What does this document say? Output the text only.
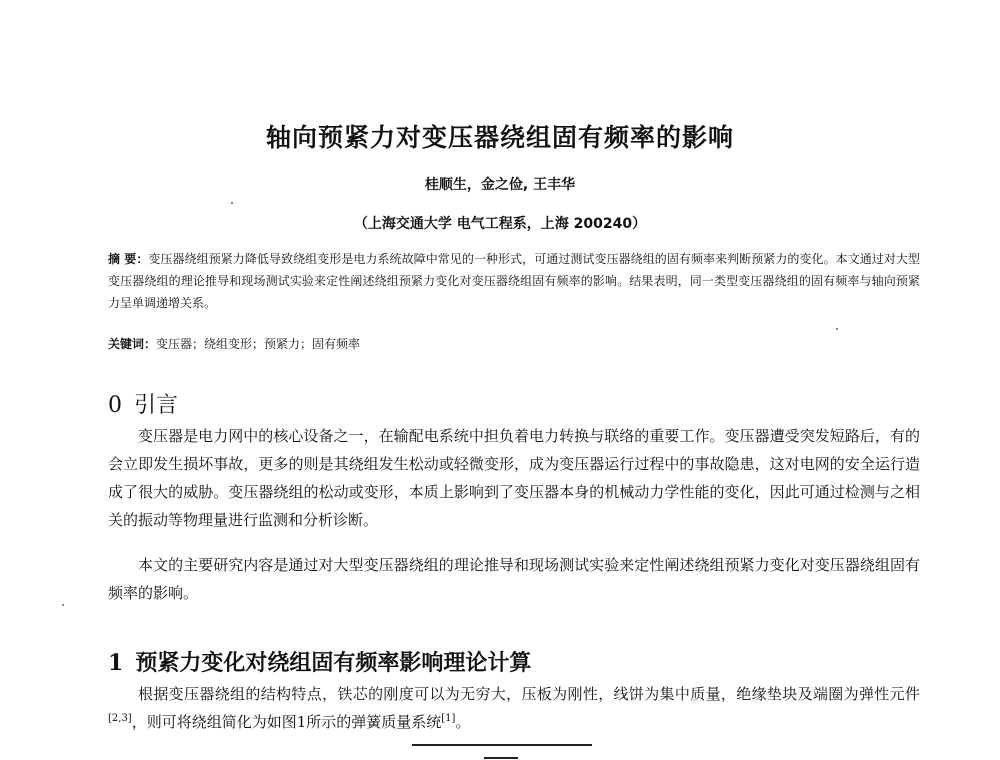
轴向预紧力对变压器绕组固有频率的影响
桂顺生，金之俭, 王丰华
（上海交通大学 电气工程系，上海 200240）
摘 要：变压器绕组预紧力降低导致绕组变形是电力系统故障中常见的一种形式，可通过测试变压器绕组的固有频率来判断预紧力的变化。本文通过对大型变压器绕组的理论推导和现场测试实验来定性阐述绕组预紧力变化对变压器绕组固有频率的影响。结果表明，同一类型变压器绕组的固有频率与轴向预紧力呈单调递增关系。
关键词：变压器；绕组变形；预紧力；固有频率
0 引言
变压器是电力网中的核心设备之一，在输配电系统中担负着电力转换与联络的重要工作。变压器遭受突发短路后，有的会立即发生损坏事故，更多的则是其绕组发生松动或轻微变形，成为变压器运行过程中的事故隐患，这对电网的安全运行造成了很大的威胁。变压器绕组的松动或变形，本质上影响到了变压器本身的机械动力学性能的变化，因此可通过检测与之相关的振动等物理量进行监测和分析诊断。
本文的主要研究内容是通过对大型变压器绕组的理论推导和现场测试实验来定性阐述绕组预紧力变化对变压器绕组固有频率的影响。
1 预紧力变化对绕组固有频率影响理论计算
根据变压器绕组的结构特点，铁芯的刚度可以为无穷大，压板为刚性，线饼为集中质量，绝缘垫块及端圈为弹性元件[2,3]，则可将绕组简化为如图1所示的弹簧质量系统[1]。
